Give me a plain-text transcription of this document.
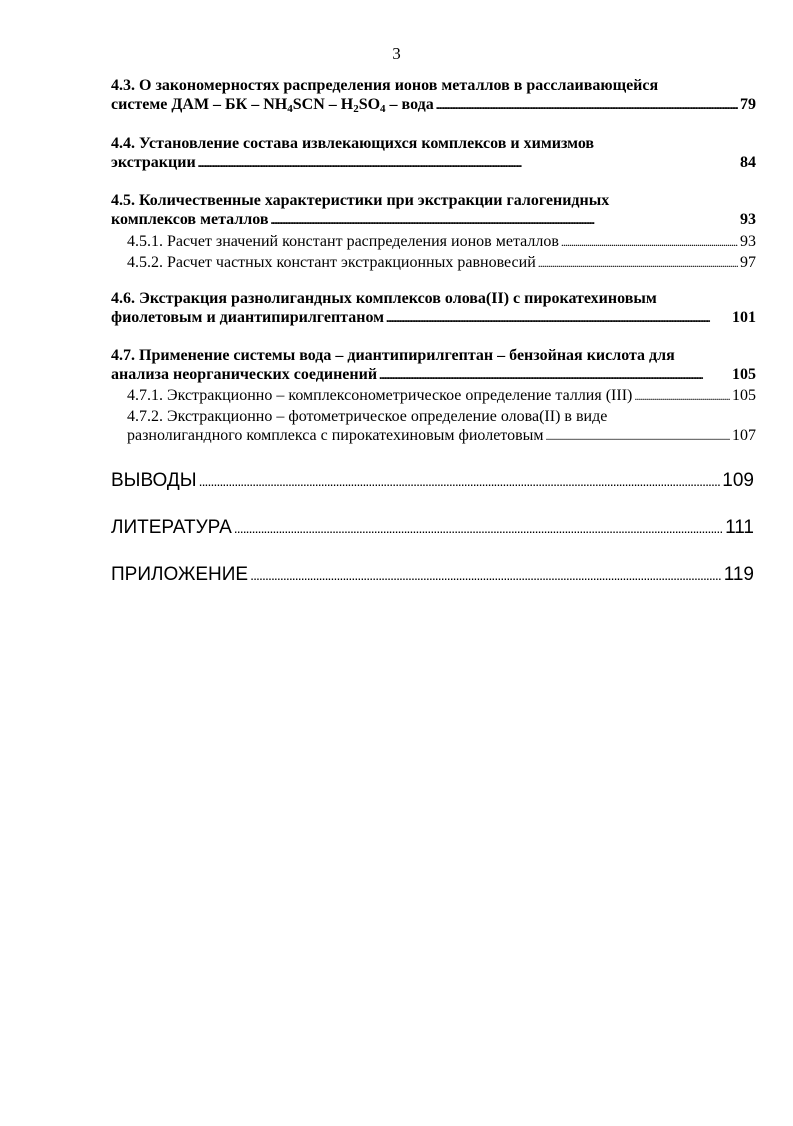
3
4.3. О закономерностях распределения ионов металлов в расслаивающейся
системе ДАМ – БК – $NH_4SCN - H_2SO_4$ – вода . . .	79
4.4. Установление состава извлекающихся комплексов и химизмов
экстракции . . .	84
4.5. Количественные характеристики при экстракции галогенидных
комплексов металлов . . .	93
4.5.1. Расчет значений констант распределения ионов металлов . . .	93
4.5.2. Расчет частных констант экстракционных равновесий . . .	97
4.6. Экстракция разнолигандных комплексов олова(II) с пирокатехиновым
фиолетовым и диантипирилгептаном . . .	101
4.7. Применение системы вода – диантипирилгептан – бензойная кислота для
анализа неорганических соединений . . .	105
4.7.1. Экстракционно – комплексонометрическое определение таллия (III) . . .	105
4.7.2. Экстракционно – фотометрическое определение олова(II) в виде
разнолигандного комплекса с пирокатехиновым фиолетовым . . .	107
ВЫВОДЫ . . .	109
ЛИТЕРАТУРА . . .	111
ПРИЛОЖЕНИЕ . . .	119
